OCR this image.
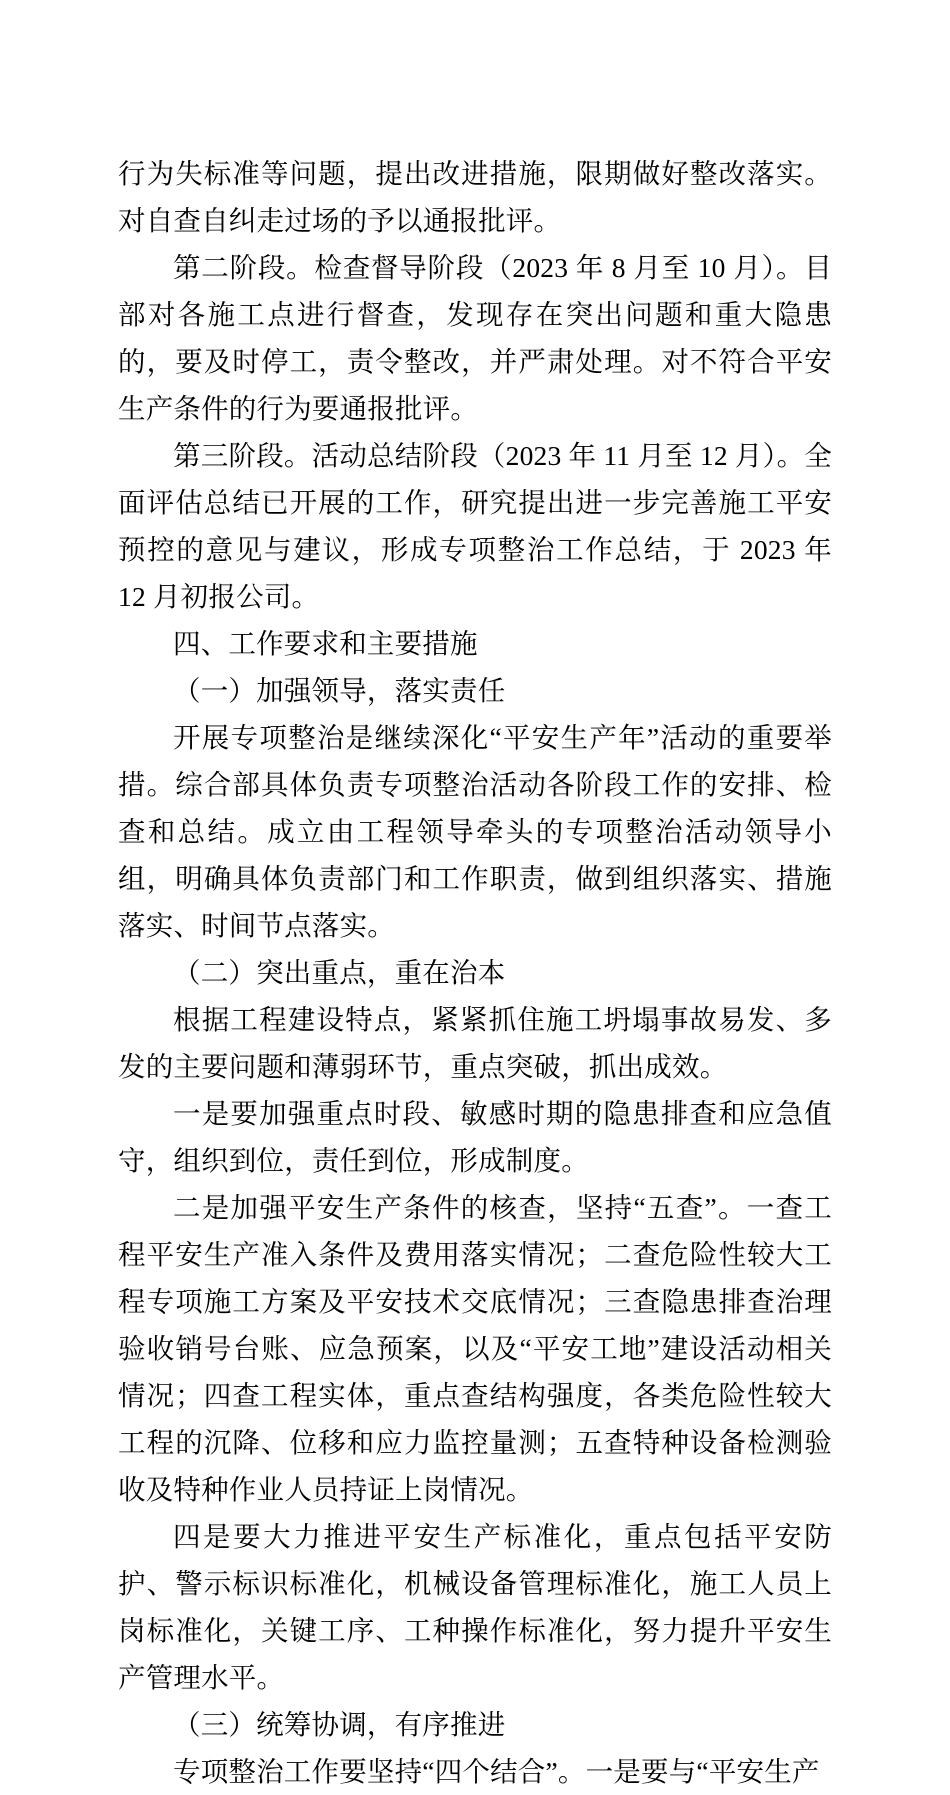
行为失标准等问题，提出改进措施，限期做好整改落实。对自查自纠走过场的予以通报批评。

第二阶段。检查督导阶段（2023 年 8 月至 10 月）。目部对各施工点进行督查，发现存在突出问题和重大隐患的，要及时停工，责令整改，并严肃处理。对不符合平安生产条件的行为要通报批评。

第三阶段。活动总结阶段（2023 年 11 月至 12 月）。全面评估总结已开展的工作，研究提出进一步完善施工平安预控的意见与建议，形成专项整治工作总结，于 2023 年 12 月初报公司。

四、工作要求和主要措施

（一）加强领导，落实责任

开展专项整治是继续深化“平安生产年”活动的重要举措。综合部具体负责专项整治活动各阶段工作的安排、检查和总结。成立由工程领导牵头的专项整治活动领导小组，明确具体负责部门和工作职责，做到组织落实、措施落实、时间节点落实。

（二）突出重点，重在治本

根据工程建设特点，紧紧抓住施工坍塌事故易发、多发的主要问题和薄弱环节，重点突破，抓出成效。

一是要加强重点时段、敏感时期的隐患排查和应急值守，组织到位，责任到位，形成制度。

二是加强平安生产条件的核查，坚持“五查”。一查工程平安生产准入条件及费用落实情况；二查危险性较大工程专项施工方案及平安技术交底情况；三查隐患排查治理验收销号台账、应急预案，以及“平安工地”建设活动相关情况；四查工程实体，重点查结构强度，各类危险性较大工程的沉降、位移和应力监控量测；五查特种设备检测验收及特种作业人员持证上岗情况。

四是要大力推进平安生产标准化，重点包括平安防护、警示标识标准化，机械设备管理标准化，施工人员上岗标准化，关键工序、工种操作标准化，努力提升平安生产管理水平。

（三）统筹协调，有序推进

专项整治工作要坚持“四个结合”。一是要与“平安生产
